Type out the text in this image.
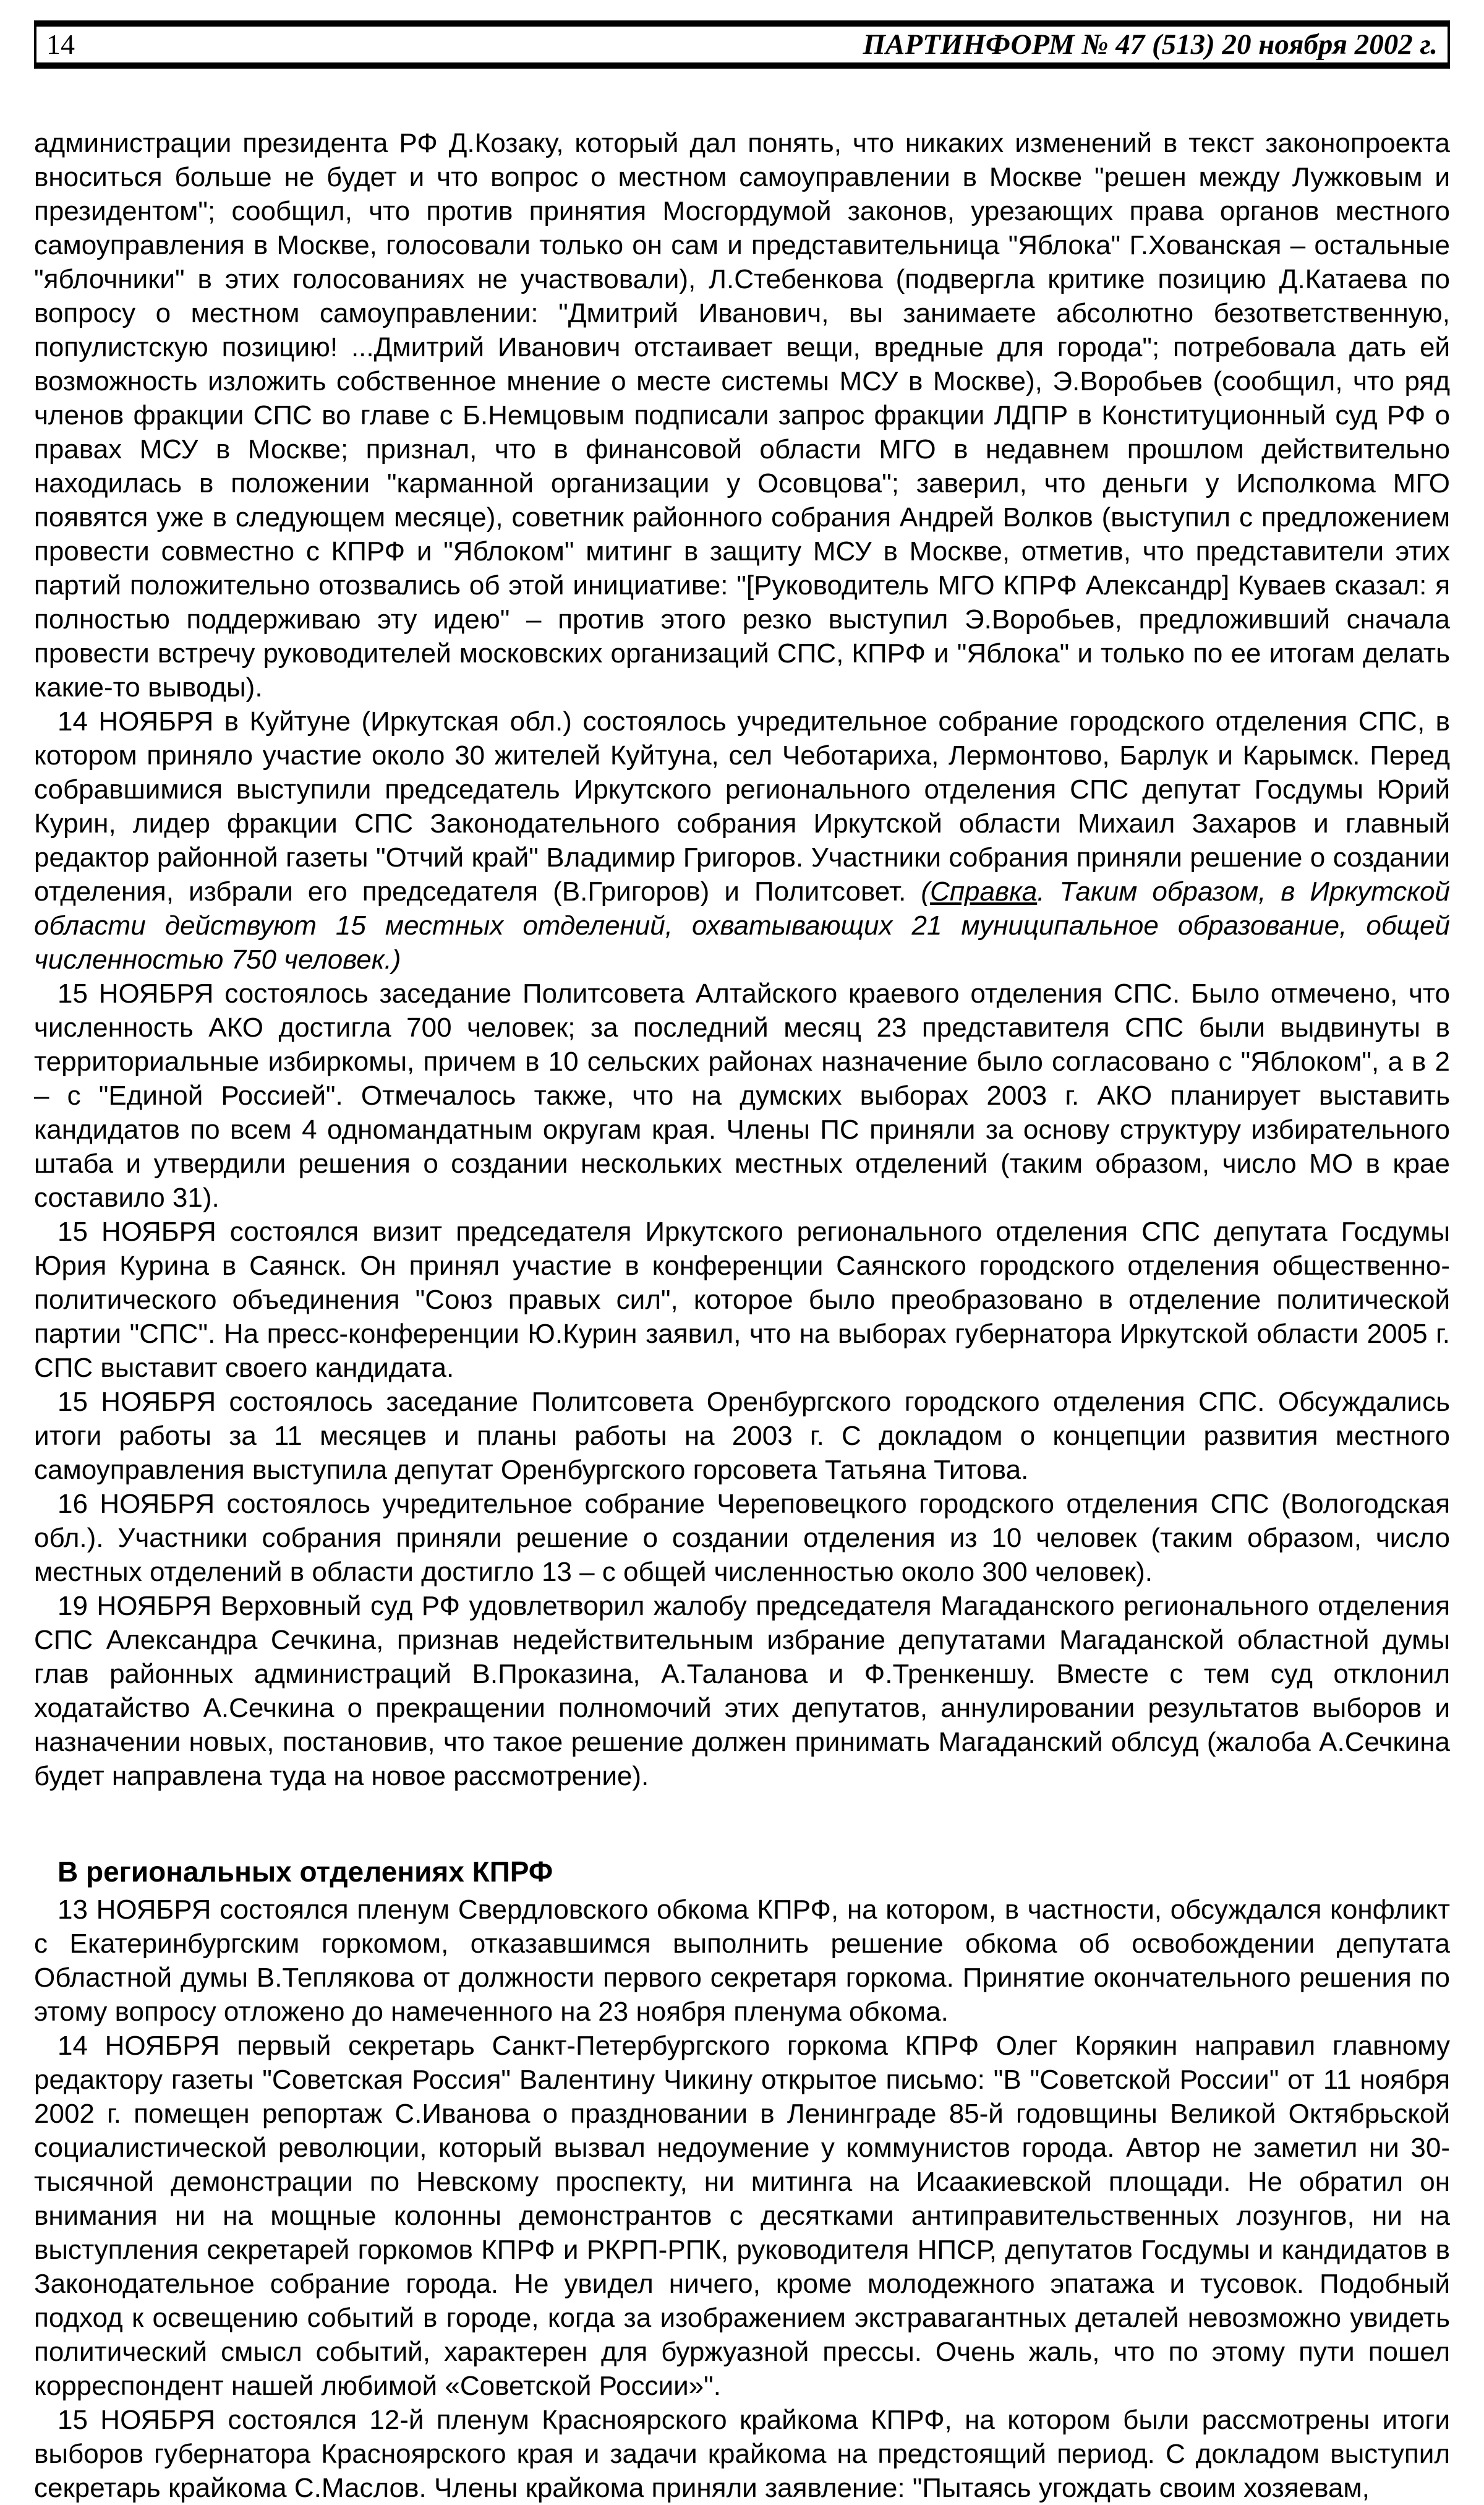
14	ПАРТИНФОРМ № 47 (513) 20 ноября 2002 г.

администрации президента РФ Д.Козаку, который дал понять, что никаких изменений в текст законопроекта вноситься больше не будет и что вопрос о местном самоуправлении в Москве "решен между Лужковым и президентом"; сообщил, что против принятия Мосгордумой законов, урезающих права органов местного самоуправления в Москве, голосовали только он сам и представительница "Яблока" Г.Хованская – остальные "яблочники" в этих голосованиях не участвовали), Л.Стебенкова (подвергла критике позицию Д.Катаева по вопросу о местном самоуправлении: "Дмитрий Иванович, вы занимаете абсолютно безответственную, популистскую позицию! ...Дмитрий Иванович отстаивает вещи, вредные для города"; потребовала дать ей возможность изложить собственное мнение о месте системы МСУ в Москве), Э.Воробьев (сообщил, что ряд членов фракции СПС во главе с Б.Немцовым подписали запрос фракции ЛДПР в Конституционный суд РФ о правах МСУ в Москве; признал, что в финансовой области МГО в недавнем прошлом действительно находилась в положении "карманной организации у Осовцова"; заверил, что деньги у Исполкома МГО появятся уже в следующем месяце), советник районного собрания Андрей Волков (выступил с предложением провести совместно с КПРФ и "Яблоком" митинг в защиту МСУ в Москве, отметив, что представители этих партий положительно отозвались об этой инициативе: "[Руководитель МГО КПРФ Александр] Куваев сказал: я полностью поддерживаю эту идею" – против этого резко выступил Э.Воробьев, предложивший сначала провести встречу руководителей московских организаций СПС, КПРФ и "Яблока" и только по ее итогам делать какие-то выводы).

14 НОЯБРЯ в Куйтуне (Иркутская обл.) состоялось учредительное собрание городского отделения СПС, в котором приняло участие около 30 жителей Куйтуна, сел Чеботариха, Лермонтово, Барлук и Карымск. Перед собравшимися выступили председатель Иркутского регионального отделения СПС депутат Госдумы Юрий Курин, лидер фракции СПС Законодательного собрания Иркутской области Михаил Захаров и главный редактор районной газеты "Отчий край" Владимир Григоров. Участники собрания приняли решение о создании отделения, избрали его председателя (В.Григоров) и Политсовет. (Справка. Таким образом, в Иркутской области действуют 15 местных отделений, охватывающих 21 муниципальное образование, общей численностью 750 человек.)

15 НОЯБРЯ состоялось заседание Политсовета Алтайского краевого отделения СПС. Было отмечено, что численность АКО достигла 700 человек; за последний месяц 23 представителя СПС были выдвинуты в территориальные избиркомы, причем в 10 сельских районах назначение было согласовано с "Яблоком", а в 2 – с "Единой Россией". Отмечалось также, что на думских выборах 2003 г. АКО планирует выставить кандидатов по всем 4 одномандатным округам края. Члены ПС приняли за основу структуру избирательного штаба и утвердили решения о создании нескольких местных отделений (таким образом, число МО в крае составило 31).

15 НОЯБРЯ состоялся визит председателя Иркутского регионального отделения СПС депутата Госдумы Юрия Курина в Саянск. Он принял участие в конференции Саянского городского отделения общественно-политического объединения "Союз правых сил", которое было преобразовано в отделение политической партии "СПС". На пресс-конференции Ю.Курин заявил, что на выборах губернатора Иркутской области 2005 г. СПС выставит своего кандидата.

15 НОЯБРЯ состоялось заседание Политсовета Оренбургского городского отделения СПС. Обсуждались итоги работы за 11 месяцев и планы работы на 2003 г. С докладом о концепции развития местного самоуправления выступила депутат Оренбургского горсовета Татьяна Титова.

16 НОЯБРЯ состоялось учредительное собрание Череповецкого городского отделения СПС (Вологодская обл.). Участники собрания приняли решение о создании отделения из 10 человек (таким образом, число местных отделений в области достигло 13 – с общей численностью около 300 человек).

19 НОЯБРЯ Верховный суд РФ удовлетворил жалобу председателя Магаданского регионального отделения СПС Александра Сечкина, признав недействительным избрание депутатами Магаданской областной думы глав районных администраций В.Проказина, А.Таланова и Ф.Тренкеншу. Вместе с тем суд отклонил ходатайство А.Сечкина о прекращении полномочий этих депутатов, аннулировании результатов выборов и назначении новых, постановив, что такое решение должен принимать Магаданский облсуд (жалоба А.Сечкина будет направлена туда на новое рассмотрение).

В региональных отделениях КПРФ

13 НОЯБРЯ состоялся пленум Свердловского обкома КПРФ, на котором, в частности, обсуждался конфликт с Екатеринбургским горкомом, отказавшимся выполнить решение обкома об освобождении депутата Областной думы В.Теплякова от должности первого секретаря горкома. Принятие окончательного решения по этому вопросу отложено до намеченного на 23 ноября пленума обкома.

14 НОЯБРЯ первый секретарь Санкт-Петербургского горкома КПРФ Олег Корякин направил главному редактору газеты "Советская Россия" Валентину Чикину открытое письмо: "В "Советской России" от 11 ноября 2002 г. помещен репортаж С.Иванова о праздновании в Ленинграде 85-й годовщины Великой Октябрьской социалистической революции, который вызвал недоумение у коммунистов города. Автор не заметил ни 30-тысячной демонстрации по Невскому проспекту, ни митинга на Исаакиевской площади. Не обратил он внимания ни на мощные колонны демонстрантов с десятками антиправительственных лозунгов, ни на выступления секретарей горкомов КПРФ и РКРП-РПК, руководителя НПСР, депутатов Госдумы и кандидатов в Законодательное собрание города. Не увидел ничего, кроме молодежного эпатажа и тусовок. Подобный подход к освещению событий в городе, когда за изображением экстравагантных деталей невозможно увидеть политический смысл событий, характерен для буржуазной прессы. Очень жаль, что по этому пути пошел корреспондент нашей любимой «Советской России»".

15 НОЯБРЯ состоялся 12-й пленум Красноярского крайкома КПРФ, на котором были рассмотрены итоги выборов губернатора Красноярского края и задачи крайкома на предстоящий период. С докладом выступил секретарь крайкома С.Маслов. Члены крайкома приняли заявление: "Пытаясь угождать своим хозяевам,
